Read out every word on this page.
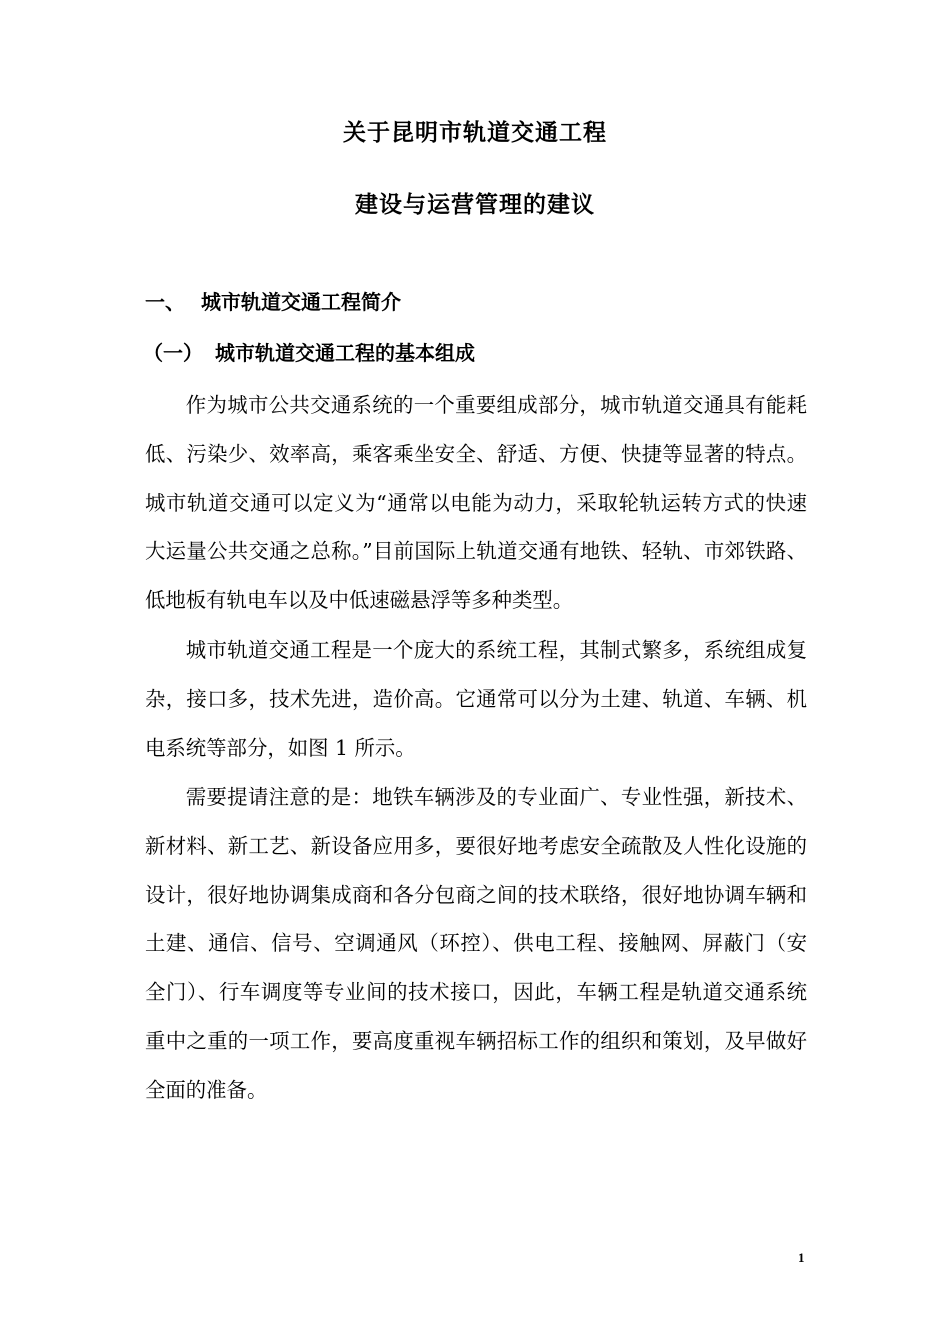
关于昆明市轨道交通工程
建设与运营管理的建议
一、 城市轨道交通工程简介
（一） 城市轨道交通工程的基本组成

作为城市公共交通系统的一个重要组成部分，城市轨道交通具有能耗低、污染少、效率高，乘客乘坐安全、舒适、方便、快捷等显著的特点。城市轨道交通可以定义为“通常以电能为动力，采取轮轨运转方式的快速大运量公共交通之总称。”目前国际上轨道交通有地铁、轻轨、市郊铁路、低地板有轨电车以及中低速磁悬浮等多种类型。

城市轨道交通工程是一个庞大的系统工程，其制式繁多，系统组成复杂，接口多，技术先进，造价高。它通常可以分为土建、轨道、车辆、机电系统等部分，如图 1 所示。

需要提请注意的是：地铁车辆涉及的专业面广、专业性强，新技术、新材料、新工艺、新设备应用多，要很好地考虑安全疏散及人性化设施的设计，很好地协调集成商和各分包商之间的技术联络，很好地协调车辆和土建、通信、信号、空调通风（环控）、供电工程、接触网、屏蔽门（安全门）、行车调度等专业间的技术接口，因此，车辆工程是轨道交通系统重中之重的一项工作，要高度重视车辆招标工作的组织和策划，及早做好全面的准备。

1
